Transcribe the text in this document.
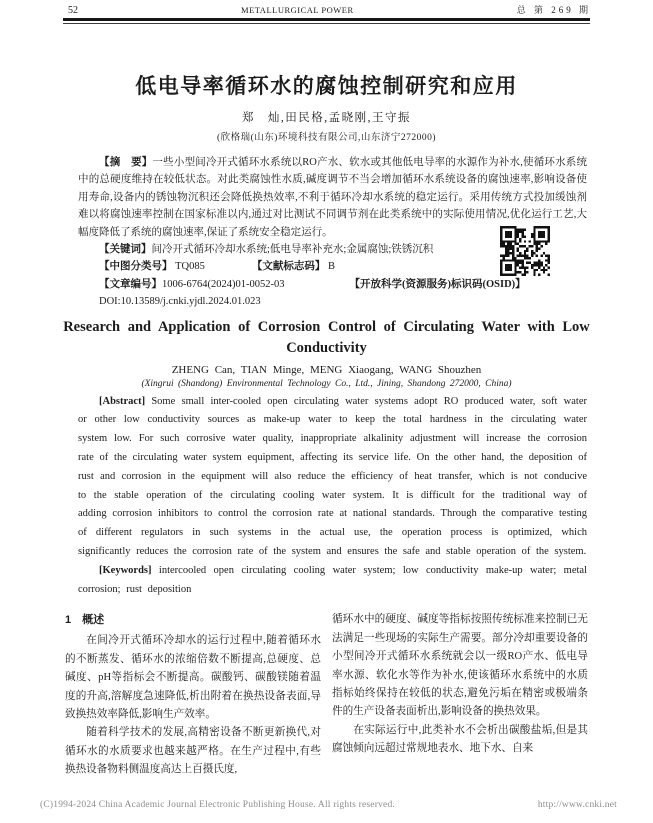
52	METALLURGICAL POWER	总 第 269 期
低电导率循环水的腐蚀控制研究和应用
郑　灿,田民格,孟晓刚,王守振
(欣格瑞(山东)环境科技有限公司,山东济宁272000)

【摘　要】一些小型间冷开式循环水系统以RO产水、软水或其他低电导率的水源作为补水,使循环水系统中的总硬度维持在较低状态。对此类腐蚀性水质,碱度调节不当会增加循环水系统设备的腐蚀速率,影响设备使用寿命,设备内的锈蚀物沉积还会降低换热效率,不利于循环冷却水系统的稳定运行。采用传统方式投加缓蚀剂难以将腐蚀速率控制在国家标准以内,通过对比测试不同调节剂在此类系统中的实际使用情况,优化运行工艺,大幅度降低了系统的腐蚀速率,保证了系统安全稳定运行。

【关键词】间冷开式循环冷却水系统;低电导率补充水;金属腐蚀;铁锈沉积

【中图分类号】 TQ085	【文献标志码】 B

【文章编号】1006-6764(2024)01-0052-03	【开放科学(资源服务)标识码(OSID)】

DOI:10.13589/j.cnki.yjdl.2024.01.023

Research and Application of Corrosion Control of Circulating Water with Low Conductivity
ZHENG Can, TIAN Minge, MENG Xiaogang, WANG Shouzhen
(Xingrui (Shandong) Environmental Technology Co., Ltd., Jining, Shandong 272000, China)

[Abstract] Some small inter-cooled open circulating water systems adopt RO produced water, soft water or other low conductivity sources as make-up water to keep the total hardness in the circulating water system low. For such corrosive water quality, inappropriate alkalinity adjustment will increase the corrosion rate of the circulating water system equipment, affecting its service life. On the other hand, the deposition of rust and corrosion in the equipment will also reduce the efficiency of heat transfer, which is not conducive to the stable operation of the circulating cooling water system. It is difficult for the traditional way of adding corrosion inhibitors to control the corrosion rate at national standards. Through the comparative testing of different regulators in such systems in the actual use, the operation process is optimized, which significantly reduces the corrosion rate of the system and ensures the safe and stable operation of the system.

[Keywords] intercooled open circulating cooling water system; low conductivity make-up water; metal corrosion; rust deposition

1　概述

在间冷开式循环冷却水的运行过程中,随着循环水的不断蒸发、循环水的浓缩倍数不断提高,总硬度、总碱度、pH等指标会不断提高。碳酸钙、碳酸镁随着温度的升高,溶解度急速降低,析出附着在换热设备表面,导致换热效率降低,影响生产效率。

随着科学技术的发展,高精密设备不断更新换代,对循环水的水质要求也越来越严格。在生产过程中,有些换热设备物料侧温度高达上百摄氏度,

循环水中的硬度、碱度等指标按照传统标准来控制已无法满足一些现场的实际生产需要。部分冷却重要设备的小型间冷开式循环水系统就会以一级RO产水、低电导率水源、软化水等作为补水,使该循环水系统中的水质指标始终保持在较低的状态,避免污垢在精密或极端条件的生产设备表面析出,影响设备的换热效果。

在实际运行中,此类补水不会析出碳酸盐垢,但是其腐蚀倾向远超过常规地表水、地下水、自来

(C)1994-2024 China Academic Journal Electronic Publishing House. All rights reserved.	http://www.cnki.net
